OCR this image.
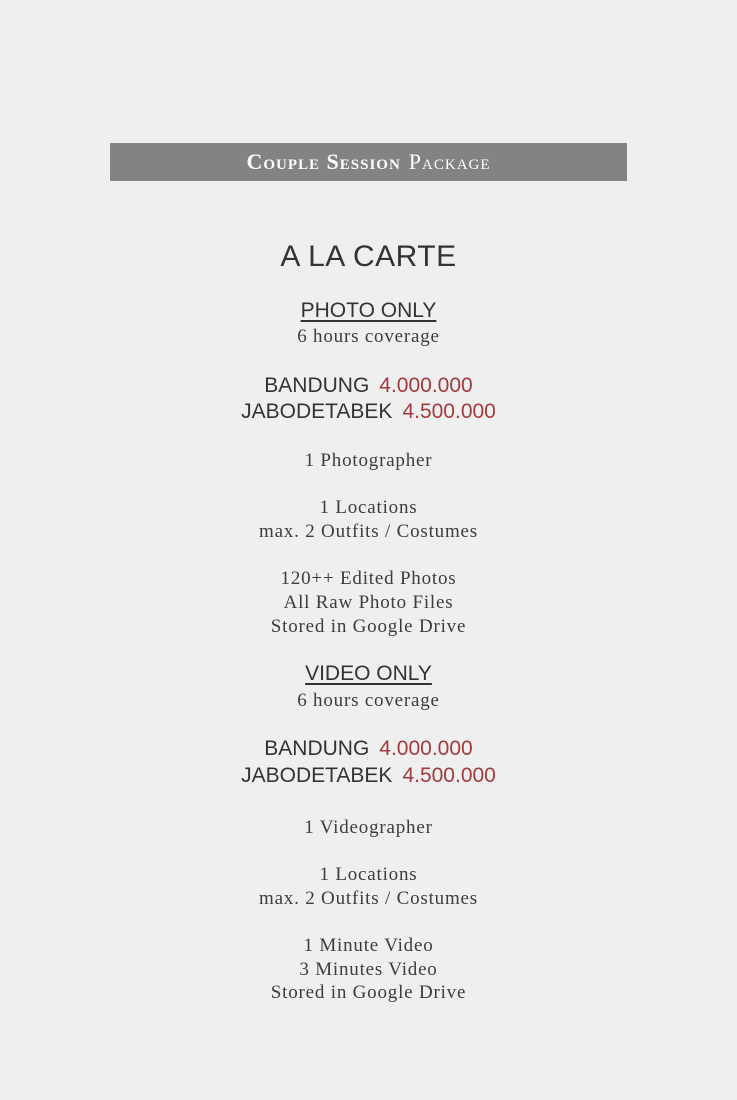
Couple Session Package
A LA CARTE
PHOTO ONLY
6 hours coverage
BANDUNG 4.000.000
JABODETABEK 4.500.000
1 Photographer
1 Locations
max. 2 Outfits / Costumes
120++ Edited Photos
All Raw Photo Files
Stored in Google Drive
VIDEO ONLY
6 hours coverage
BANDUNG 4.000.000
JABODETABEK 4.500.000
1 Videographer
1 Locations
max. 2 Outfits / Costumes
1 Minute Video
3 Minutes Video
Stored in Google Drive
